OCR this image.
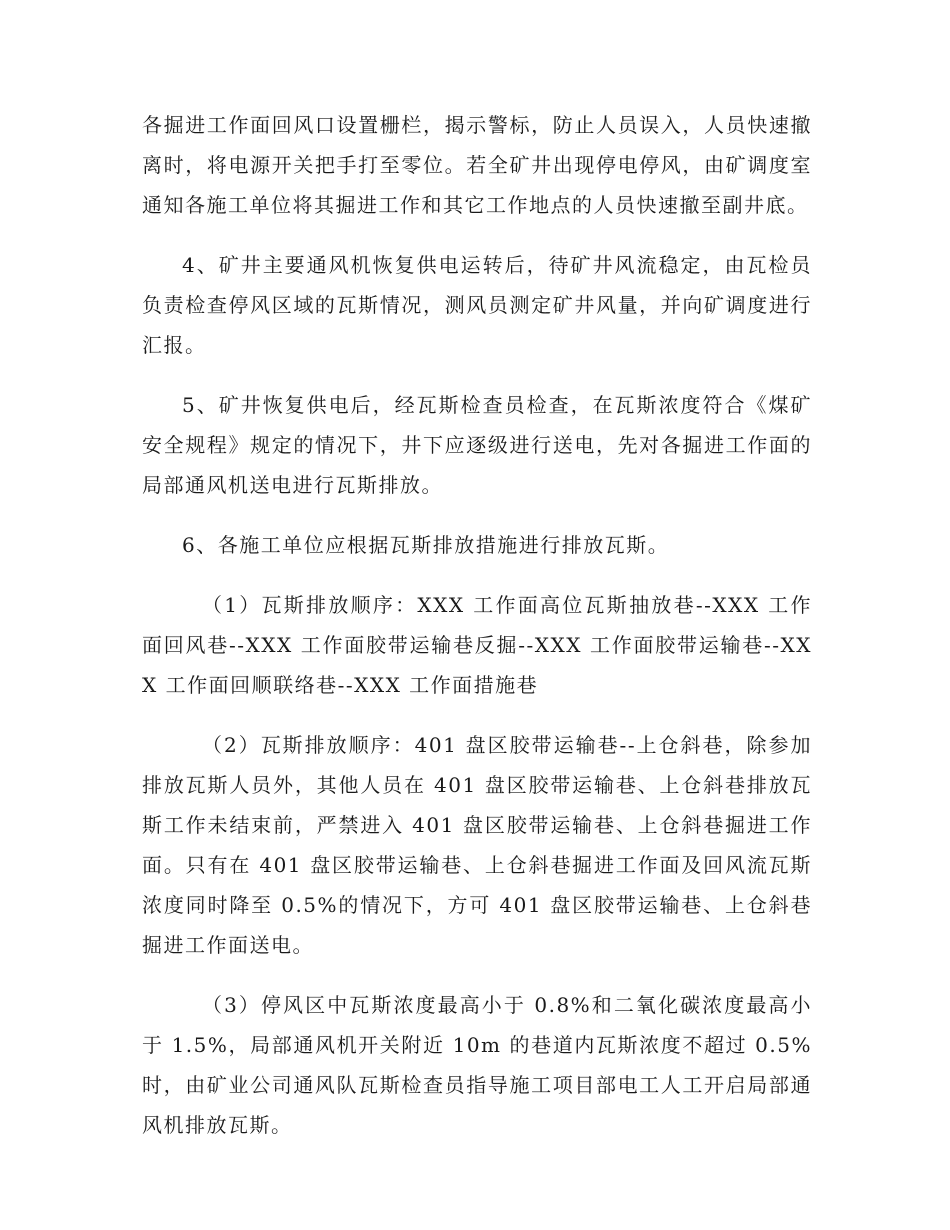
各掘进工作面回风口设置栅栏，揭示警标，防止人员误入，人员快速撤离时，将电源开关把手打至零位。若全矿井出现停电停风，由矿调度室通知各施工单位将其掘进工作和其它工作地点的人员快速撤至副井底。

4、矿井主要通风机恢复供电运转后，待矿井风流稳定，由瓦检员负责检查停风区域的瓦斯情况，测风员测定矿井风量，并向矿调度进行汇报。

5、矿井恢复供电后，经瓦斯检查员检查，在瓦斯浓度符合《煤矿安全规程》规定的情况下，井下应逐级进行送电，先对各掘进工作面的局部通风机送电进行瓦斯排放。

6、各施工单位应根据瓦斯排放措施进行排放瓦斯。

（1）瓦斯排放顺序：XXX 工作面高位瓦斯抽放巷--XXX 工作面回风巷--XXX 工作面胶带运输巷反掘--XXX 工作面胶带运输巷--XXX 工作面回顺联络巷--XXX 工作面措施巷

（2）瓦斯排放顺序：401 盘区胶带运输巷--上仓斜巷，除参加排放瓦斯人员外，其他人员在 401 盘区胶带运输巷、上仓斜巷排放瓦斯工作未结束前，严禁进入 401 盘区胶带运输巷、上仓斜巷掘进工作面。只有在 401 盘区胶带运输巷、上仓斜巷掘进工作面及回风流瓦斯浓度同时降至 0.5%的情况下，方可 401 盘区胶带运输巷、上仓斜巷掘进工作面送电。

（3）停风区中瓦斯浓度最高小于 0.8%和二氧化碳浓度最高小于 1.5%，局部通风机开关附近 10m 的巷道内瓦斯浓度不超过 0.5%时，由矿业公司通风队瓦斯检查员指导施工项目部电工人工开启局部通风机排放瓦斯。
